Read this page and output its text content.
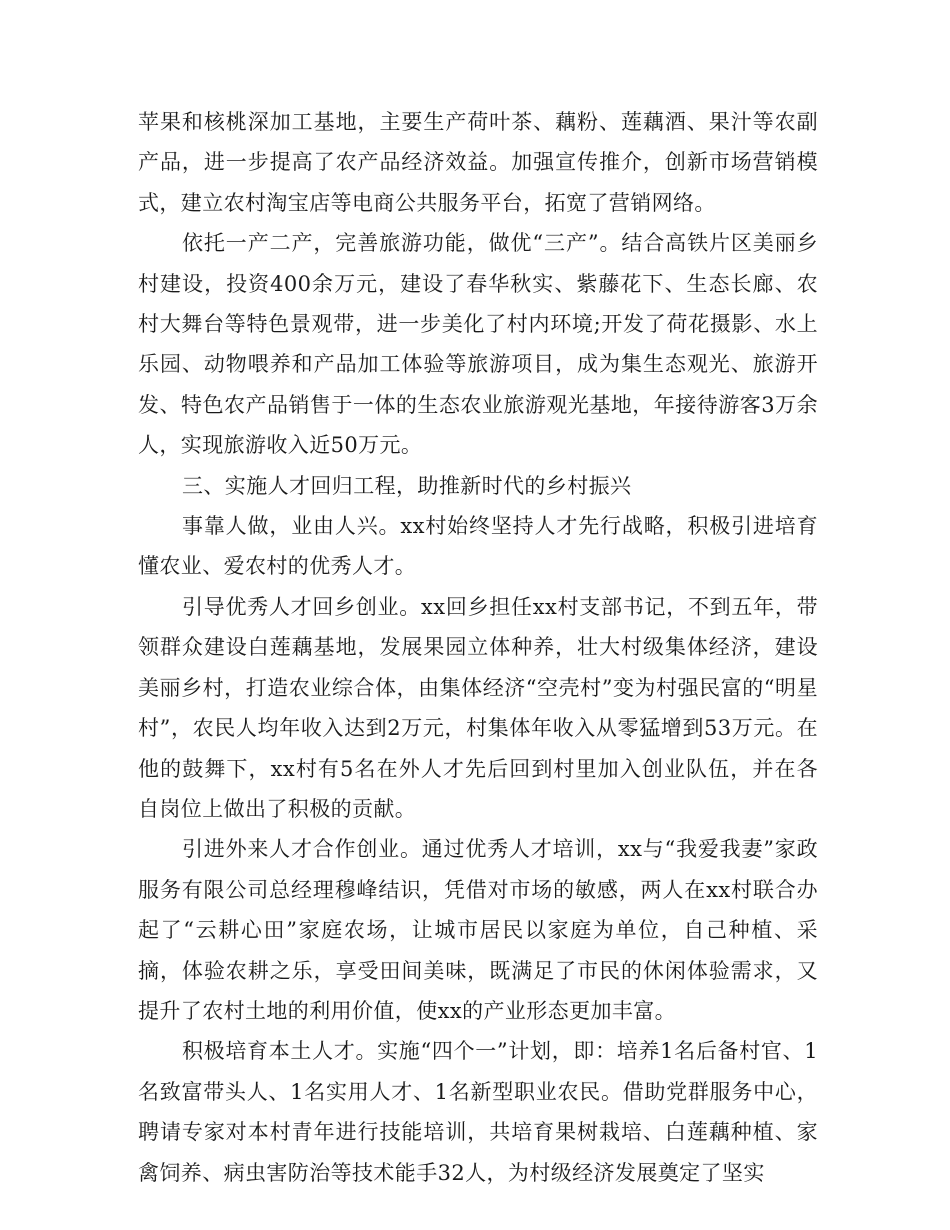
苹果和核桃深加工基地，主要生产荷叶茶、藕粉、莲藕酒、果汁等农副产品，进一步提高了农产品经济效益。加强宣传推介，创新市场营销模式，建立农村淘宝店等电商公共服务平台，拓宽了营销网络。

依托一产二产，完善旅游功能，做优“三产”。结合高铁片区美丽乡村建设，投资400余万元，建设了春华秋实、紫藤花下、生态长廊、农村大舞台等特色景观带，进一步美化了村内环境;开发了荷花摄影、水上乐园、动物喂养和产品加工体验等旅游项目，成为集生态观光、旅游开发、特色农产品销售于一体的生态农业旅游观光基地，年接待游客3万余人，实现旅游收入近50万元。

三、实施人才回归工程，助推新时代的乡村振兴

事靠人做，业由人兴。xx村始终坚持人才先行战略，积极引进培育懂农业、爱农村的优秀人才。

引导优秀人才回乡创业。xx回乡担任xx村支部书记，不到五年，带领群众建设白莲藕基地，发展果园立体种养，壮大村级集体经济，建设美丽乡村，打造农业综合体，由集体经济“空壳村”变为村强民富的“明星村”，农民人均年收入达到2万元，村集体年收入从零猛增到53万元。在他的鼓舞下，xx村有5名在外人才先后回到村里加入创业队伍，并在各自岗位上做出了积极的贡献。

引进外来人才合作创业。通过优秀人才培训，xx与“我爱我妻”家政服务有限公司总经理穆峰结识，凭借对市场的敏感，两人在xx村联合办起了“云耕心田”家庭农场，让城市居民以家庭为单位，自己种植、采摘，体验农耕之乐，享受田间美味，既满足了市民的休闲体验需求，又提升了农村土地的利用价值，使xx的产业形态更加丰富。

积极培育本土人才。实施“四个一”计划，即：培养1名后备村官、1名致富带头人、1名实用人才、1名新型职业农民。借助党群服务中心，聘请专家对本村青年进行技能培训，共培育果树栽培、白莲藕种植、家禽饲养、病虫害防治等技术能手32人，为村级经济发展奠定了坚实
